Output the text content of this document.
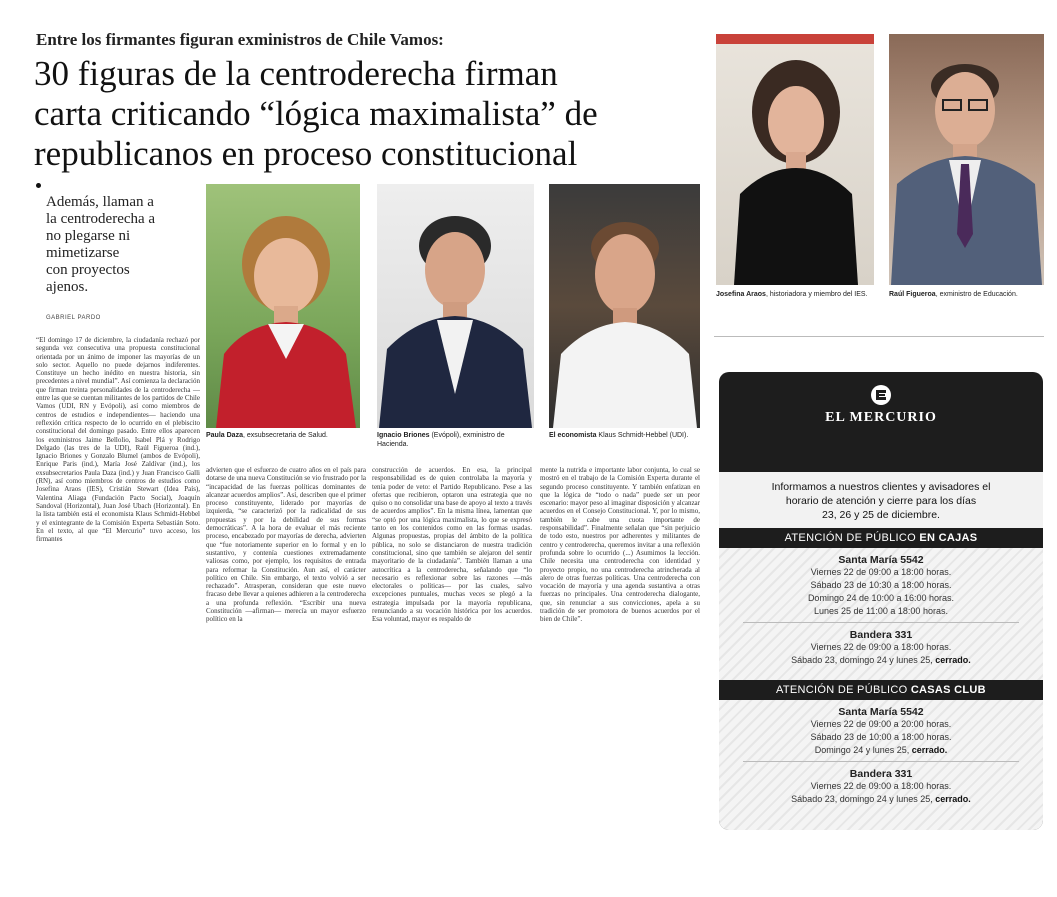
Entre los firmantes figuran exministros de Chile Vamos:
30 figuras de la centroderecha firman
carta criticando “lógica maximalista” de
republicanos en proceso constitucional
Además, llaman a
la centroderecha a
no plegarse ni
mimetizarse
con proyectos
ajenos.
GABRIEL PARDO
Paula Daza, exsubsecretaria de Salud.	Ignacio Briones (Evópoli), exministro de Hacienda.
El economista Klaus Schmidt-Hebbel (UDI).
Josefina Araos, historiadora y miembro del IES.	Raúl Figueroa, exministro de Educación.
“El domingo 17 de diciembre, la ciudadanía rechazó por segunda vez consecutiva una propuesta constitucional orientada por un ánimo de imponer las mayorías de un solo sector. Aquello no puede dejarnos indiferentes. Constituye un hecho inédito en nuestra historia, sin precedentes a nivel mundial”. Así comienza la declaración que firman treinta personalidades de la centroderecha —entre las que se cuentan militantes de los partidos de Chile Vamos (UDI, RN y Evópoli), así como miembros de centros de estudios e independientes— haciendo una reflexión crítica respecto de lo ocurrido en el plebiscito constitucional del domingo pasado. Entre ellos aparecen los exministros Jaime Bellolio, Isabel Plá y Rodrigo Delgado (las tres de la UDI), Raúl Figueroa (ind.), Ignacio Briones y Gonzalo Blumel (ambos de Evópoli), Enrique Paris (ind.), María José Zaldívar (ind.), los exsubsecretarios Paula Daza (ind.) y Juan Francisco Galli (RN), así como miembros de centros de estudios como Josefina Araos (IES), Cristián Stewart (Idea País), Valentina Aliaga (Fundación Pacto Social), Joaquín Sandoval (Horizontal), Juan José Ubach (Horizontal). En la lista también está el economista Klaus Schmidt-Hebbel y el exintegrante de la Comisión Experta Sebastián Soto. En el texto, al que “El Mercurio” tuvo acceso, los firmantes
advierten que el esfuerzo de cuatro años en el país para dotarse de una nueva Constitución se vio frustrado por la “incapacidad de las fuerzas políticas dominantes de alcanzar acuerdos amplios”. Así, describen que el primer proceso constituyente, liderado por mayorías de izquierda, “se caracterizó por la radicalidad de sus propuestas y por la debilidad de sus formas democráticas”. A la hora de evaluar el más reciente proceso, encabezado por mayorías de derecha, advierten que “fue notoriamente superior en lo formal y en lo sustantivo, y contenía cuestiones extremadamente valiosas como, por ejemplo, los requisitos de entrada para reformar la Constitución. Aun así, el carácter político en Chile. Sin embargo, el texto volvió a ser rechazado”. Atrasperan, consideran que este nuevo fracaso debe llevar a quienes adhieren a la centroderecha a una profunda reflexión. “Escribir una nueva Constitución —afirman— merecía un mayor esfuerzo político en la
construcción de acuerdos. En esa, la principal responsabilidad es de quien controlaba la mayoría y tenía poder de veto: el Partido Republicano. Pese a las ofertas que recibieron, optaron una estrategia que no quiso o no consolidar una base de apoyo al texto a través de acuerdos amplios”. En la misma línea, lamentan que “se optó por una lógica maximalista, lo que se expresó tanto en los contenidos como en las formas usadas. Algunas propuestas, propias del ámbito de la política pública, no solo se distanciaron de nuestra tradición constitucional, sino que también se alejaron del sentir mayoritario de la ciudadanía”. También llaman a una autocrítica a la centroderecha, señalando que “lo necesario es reflexionar sobre las razones —más electorales o políticas— por las cuales, salvo excepciones puntuales, muchas veces se plegó a la estrategia impulsada por la mayoría republicana, renunciando a su vocación histórica por los acuerdos. Esa voluntad, mayor es respaldo de
mente la nutrida e importante labor conjunta, lo cual se mostró en el trabajo de la Comisión Experta durante el segundo proceso constituyente. Y también enfatizan en que la lógica de “todo o nada” puede ser un peor escenario: mayor peso al imaginar disposición y alcanzar acuerdos en el Consejo Constitucional. Y, por lo mismo, también le cabe una cuota importante de responsabilidad”. Finalmente señalan que “sin perjuicio de todo esto, nuestros por adherentes y militantes de centro y centroderecha, queremos invitar a una reflexión profunda sobre lo ocurrido (...) Asumimos la lección. Chile necesita una centroderecha con identidad y proyecto propio, no una centroderecha atrincherada al alero de otras fuerzas políticas. Una centroderecha con vocación de mayoría y una agenda sustantiva a otras fuerzas no principales. Una centroderecha dialogante, que, sin renunciar a sus convicciones, apela a su tradición de ser promotora de buenos acuerdos por el bien de Chile”.
EL MERCURIO
Informamos a nuestros clientes y avisadores el
horario de atención y cierre para los días
23, 26 y 25 de diciembre.
ATENCIÓN DE PÚBLICO EN CAJAS
Santa María 5542
Viernes 22 de 09:00 a 18:00 horas.
Sábado 23 de 10:30 a 18:00 horas.
Domingo 24 de 10:00 a 16:00 horas.
Lunes 25 de 11:00 a 18:00 horas.
Bandera 331
Viernes 22 de 09:00 a 18:00 horas.
Sábado 23, domingo 24 y lunes 25, cerrado.
ATENCIÓN DE PÚBLICO CASAS CLUB
Santa María 5542
Viernes 22 de 09:00 a 20:00 horas.
Sábado 23 de 10:00 a 18:00 horas.
Domingo 24 y lunes 25, cerrado.
Bandera 331
Viernes 22 de 09:00 a 18:00 horas.
Sábado 23, domingo 24 y lunes 25, cerrado.
